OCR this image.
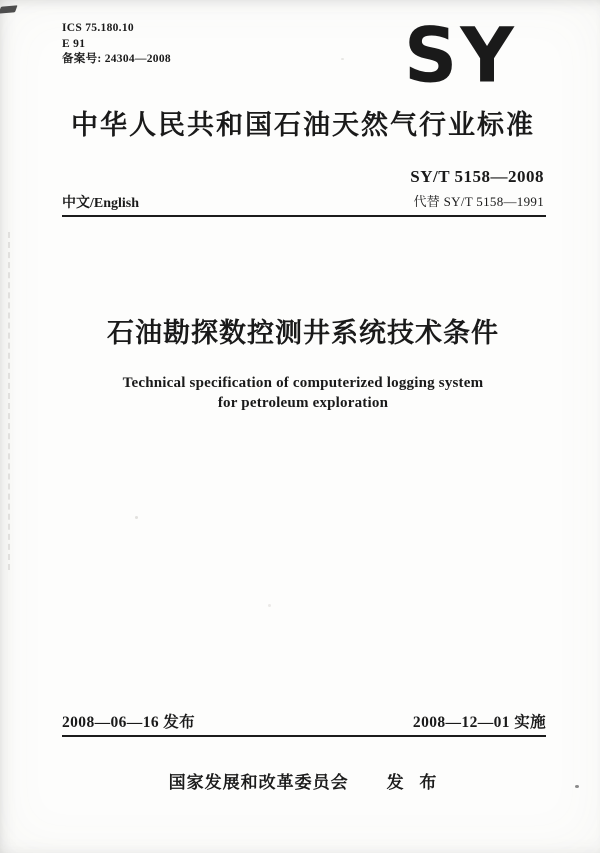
ICS 75.180.10
E 91
备案号: 24304—2008	SY
中华人民共和国石油天然气行业标准
SY/T 5158—2008
代替 SY/T 5158—1991
中文/English
石油勘探数控测井系统技术条件
Technical specification of computerized logging system
for petroleum exploration
2008—06—16 发布	2008—12—01 实施
国家发展和改革委员会 发 布
